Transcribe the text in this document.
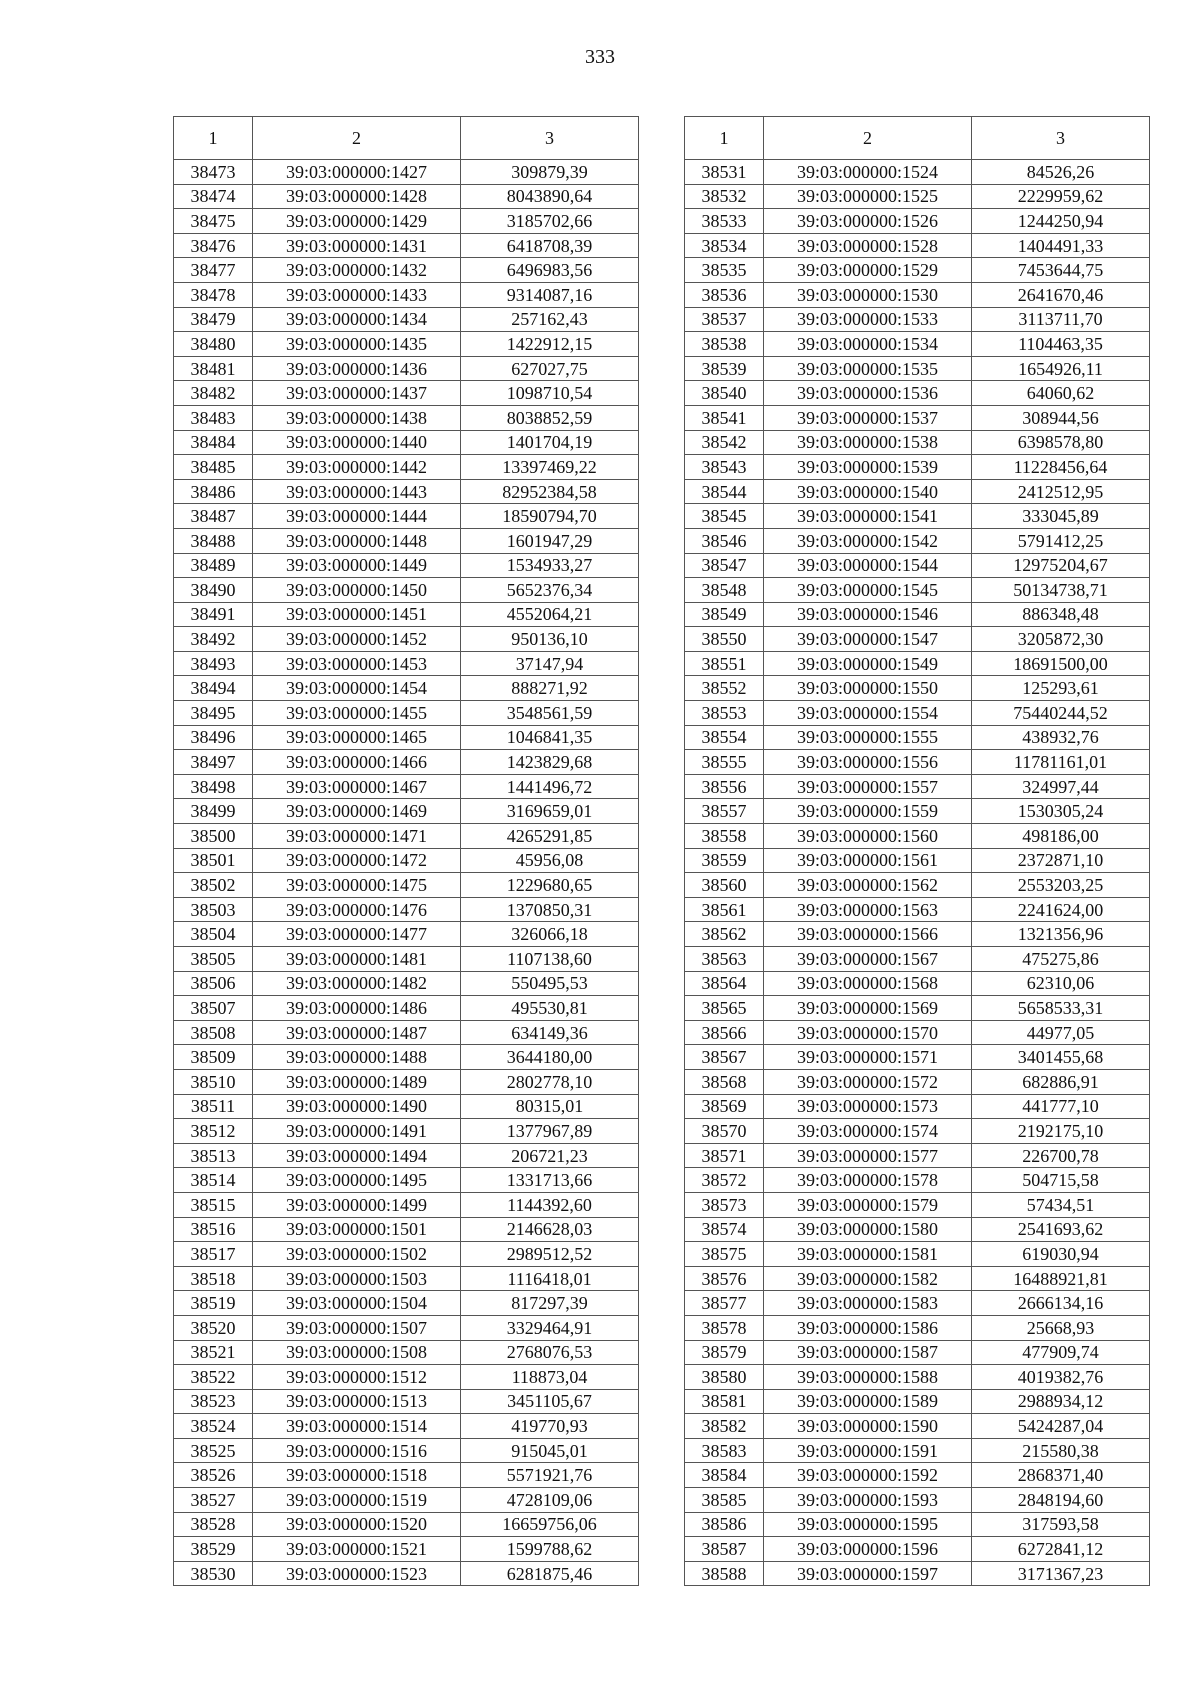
333
1	2	3
38473	39:03:000000:1427	309879,39
38474	39:03:000000:1428	8043890,64
38475	39:03:000000:1429	3185702,66
38476	39:03:000000:1431	6418708,39
38477	39:03:000000:1432	6496983,56
38478	39:03:000000:1433	9314087,16
38479	39:03:000000:1434	257162,43
38480	39:03:000000:1435	1422912,15
38481	39:03:000000:1436	627027,75
38482	39:03:000000:1437	1098710,54
38483	39:03:000000:1438	8038852,59
38484	39:03:000000:1440	1401704,19
38485	39:03:000000:1442	13397469,22
38486	39:03:000000:1443	82952384,58
38487	39:03:000000:1444	18590794,70
38488	39:03:000000:1448	1601947,29
38489	39:03:000000:1449	1534933,27
38490	39:03:000000:1450	5652376,34
38491	39:03:000000:1451	4552064,21
38492	39:03:000000:1452	950136,10
38493	39:03:000000:1453	37147,94
38494	39:03:000000:1454	888271,92
38495	39:03:000000:1455	3548561,59
38496	39:03:000000:1465	1046841,35
38497	39:03:000000:1466	1423829,68
38498	39:03:000000:1467	1441496,72
38499	39:03:000000:1469	3169659,01
38500	39:03:000000:1471	4265291,85
38501	39:03:000000:1472	45956,08
38502	39:03:000000:1475	1229680,65
38503	39:03:000000:1476	1370850,31
38504	39:03:000000:1477	326066,18
38505	39:03:000000:1481	1107138,60
38506	39:03:000000:1482	550495,53
38507	39:03:000000:1486	495530,81
38508	39:03:000000:1487	634149,36
38509	39:03:000000:1488	3644180,00
38510	39:03:000000:1489	2802778,10
38511	39:03:000000:1490	80315,01
38512	39:03:000000:1491	1377967,89
38513	39:03:000000:1494	206721,23
38514	39:03:000000:1495	1331713,66
38515	39:03:000000:1499	1144392,60
38516	39:03:000000:1501	2146628,03
38517	39:03:000000:1502	2989512,52
38518	39:03:000000:1503	1116418,01
38519	39:03:000000:1504	817297,39
38520	39:03:000000:1507	3329464,91
38521	39:03:000000:1508	2768076,53
38522	39:03:000000:1512	118873,04
38523	39:03:000000:1513	3451105,67
38524	39:03:000000:1514	419770,93
38525	39:03:000000:1516	915045,01
38526	39:03:000000:1518	5571921,76
38527	39:03:000000:1519	4728109,06
38528	39:03:000000:1520	16659756,06
38529	39:03:000000:1521	1599788,62
38530	39:03:000000:1523	6281875,46
1	2	3
38531	39:03:000000:1524	84526,26
38532	39:03:000000:1525	2229959,62
38533	39:03:000000:1526	1244250,94
38534	39:03:000000:1528	1404491,33
38535	39:03:000000:1529	7453644,75
38536	39:03:000000:1530	2641670,46
38537	39:03:000000:1533	3113711,70
38538	39:03:000000:1534	1104463,35
38539	39:03:000000:1535	1654926,11
38540	39:03:000000:1536	64060,62
38541	39:03:000000:1537	308944,56
38542	39:03:000000:1538	6398578,80
38543	39:03:000000:1539	11228456,64
38544	39:03:000000:1540	2412512,95
38545	39:03:000000:1541	333045,89
38546	39:03:000000:1542	5791412,25
38547	39:03:000000:1544	12975204,67
38548	39:03:000000:1545	50134738,71
38549	39:03:000000:1546	886348,48
38550	39:03:000000:1547	3205872,30
38551	39:03:000000:1549	18691500,00
38552	39:03:000000:1550	125293,61
38553	39:03:000000:1554	75440244,52
38554	39:03:000000:1555	438932,76
38555	39:03:000000:1556	11781161,01
38556	39:03:000000:1557	324997,44
38557	39:03:000000:1559	1530305,24
38558	39:03:000000:1560	498186,00
38559	39:03:000000:1561	2372871,10
38560	39:03:000000:1562	2553203,25
38561	39:03:000000:1563	2241624,00
38562	39:03:000000:1566	1321356,96
38563	39:03:000000:1567	475275,86
38564	39:03:000000:1568	62310,06
38565	39:03:000000:1569	5658533,31
38566	39:03:000000:1570	44977,05
38567	39:03:000000:1571	3401455,68
38568	39:03:000000:1572	682886,91
38569	39:03:000000:1573	441777,10
38570	39:03:000000:1574	2192175,10
38571	39:03:000000:1577	226700,78
38572	39:03:000000:1578	504715,58
38573	39:03:000000:1579	57434,51
38574	39:03:000000:1580	2541693,62
38575	39:03:000000:1581	619030,94
38576	39:03:000000:1582	16488921,81
38577	39:03:000000:1583	2666134,16
38578	39:03:000000:1586	25668,93
38579	39:03:000000:1587	477909,74
38580	39:03:000000:1588	4019382,76
38581	39:03:000000:1589	2988934,12
38582	39:03:000000:1590	5424287,04
38583	39:03:000000:1591	215580,38
38584	39:03:000000:1592	2868371,40
38585	39:03:000000:1593	2848194,60
38586	39:03:000000:1595	317593,58
38587	39:03:000000:1596	6272841,12
38588	39:03:000000:1597	3171367,23
